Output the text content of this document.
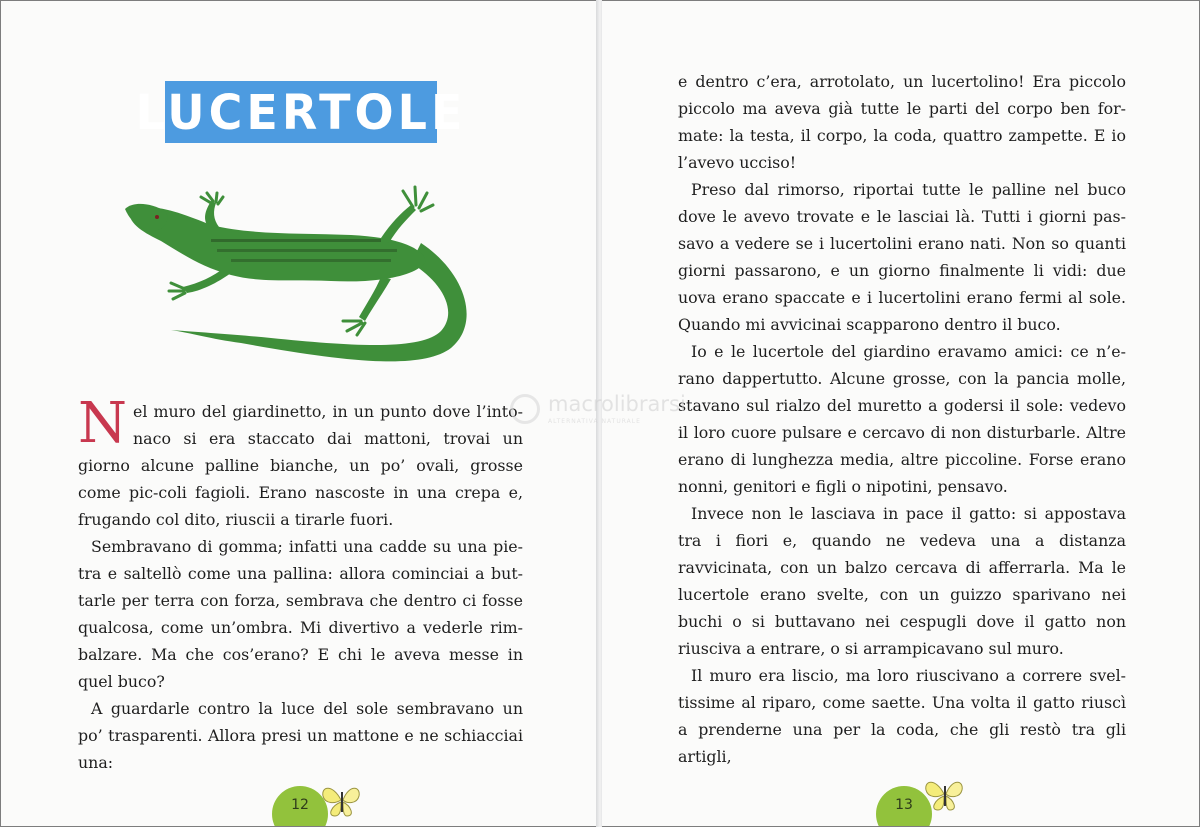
LUCERTOLE

Nel muro del giardinetto, in un punto dove l’into-naco si era staccato dai mattoni, trovai un giorno alcune palline bianche, un po’ ovali, grosse come pic-coli fagioli. Erano nascoste in una crepa e, frugando col dito, riuscii a tirarle fuori.

Sembravano di gomma; infatti una cadde su una pie-tra e saltellò come una pallina: allora cominciai a but-tarle per terra con forza, sembrava che dentro ci fosse qualcosa, come un’ombra. Mi divertivo a vederle rim-balzare. Ma che cos’erano? E chi le aveva messe in quel buco?

A guardarle contro la luce del sole sembravano un po’ trasparenti. Allora presi un mattone e ne schiacciai una:

12

e dentro c’era, arrotolato, un lucertolino! Era piccolo piccolo ma aveva già tutte le parti del corpo ben for-mate: la testa, il corpo, la coda, quattro zampette. E io l’avevo ucciso!

Preso dal rimorso, riportai tutte le palline nel buco dove le avevo trovate e le lasciai là. Tutti i giorni pas-savo a vedere se i lucertolini erano nati. Non so quanti giorni passarono, e un giorno finalmente li vidi: due uova erano spaccate e i lucertolini erano fermi al sole. Quando mi avvicinai scapparono dentro il buco.

Io e le lucertole del giardino eravamo amici: ce n’e-rano dappertutto. Alcune grosse, con la pancia molle, stavano sul rialzo del muretto a godersi il sole: vedevo il loro cuore pulsare e cercavo di non disturbarle. Altre erano di lunghezza media, altre piccoline. Forse erano nonni, genitori e figli o nipotini, pensavo.

Invece non le lasciava in pace il gatto: si appostava tra i fiori e, quando ne vedeva una a distanza ravvicinata, con un balzo cercava di afferrarla. Ma le lucertole erano svelte, con un guizzo sparivano nei buchi o si buttavano nei cespugli dove il gatto non riusciva a entrare, o si arrampicavano sul muro.

Il muro era liscio, ma loro riuscivano a correre svel-tissime al riparo, come saette. Una volta il gatto riuscì a prenderne una per la coda, che gli restò tra gli artigli,

13
macrolibrarsi
ALTERNATIVA NATURALE
